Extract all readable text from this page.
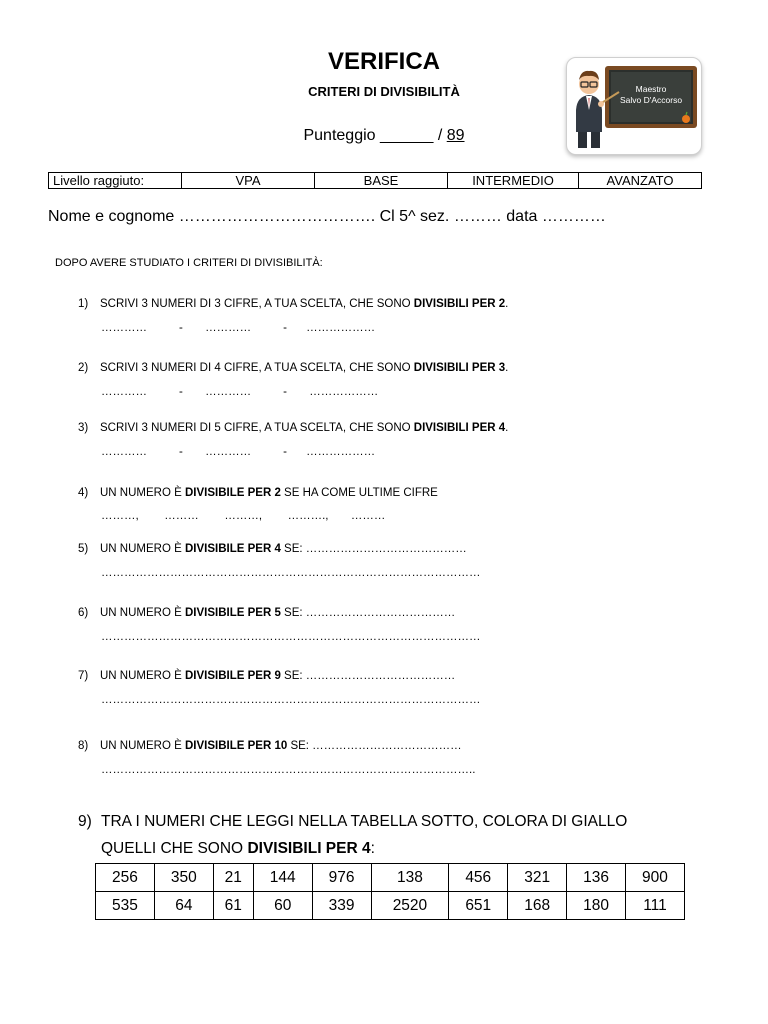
VERIFICA
CRITERI DI DIVISIBILITÀ
Punteggio ______ / 89
Maestro
Salvo D'Accorso
Livello raggiuto:	VPA	BASE	INTERMEDIO	AVANZATO
Nome e cognome ………………………………. Cl 5^ sez. ……… data …………
DOPO AVERE STUDIATO I CRITERI DI DIVISIBILITÀ:
1) SCRIVI 3 NUMERI DI 3 CIFRE, A TUA SCELTA, CHE SONO DIVISIBILI PER 2.
…………          -       …………          -      ………………
2) SCRIVI 3 NUMERI DI 4 CIFRE, A TUA SCELTA, CHE SONO DIVISIBILI PER 3.
…………          -       …………          -       ………………
3) SCRIVI 3 NUMERI DI 5 CIFRE, A TUA SCELTA, CHE SONO DIVISIBILI PER 4.
…………          -       …………          -      ………………
4) UN NUMERO È DIVISIBILE PER 2 SE HA COME ULTIME CIFRE
………,        ………        ………,        ……….,       ………
5) UN NUMERO È DIVISIBILE PER 4 SE: ……………………………………
………………………………………………………………………………………
6) UN NUMERO È DIVISIBILE PER 5 SE: …………………………………
………………………………………………………………………………………
7) UN NUMERO È DIVISIBILE PER 9 SE: …………………………………
………………………………………………………………………………………
8) UN NUMERO È DIVISIBILE PER 10 SE: …………………………………
……………………………………………………………………………………..
9) TRA I NUMERI CHE LEGGI NELLA TABELLA SOTTO, COLORA DI GIALLO
QUELLI CHE SONO DIVISIBILI PER 4:
256	350	21	144	976	138	456	321	136	900
535	64	61	60	339	2520	651	168	180	111
